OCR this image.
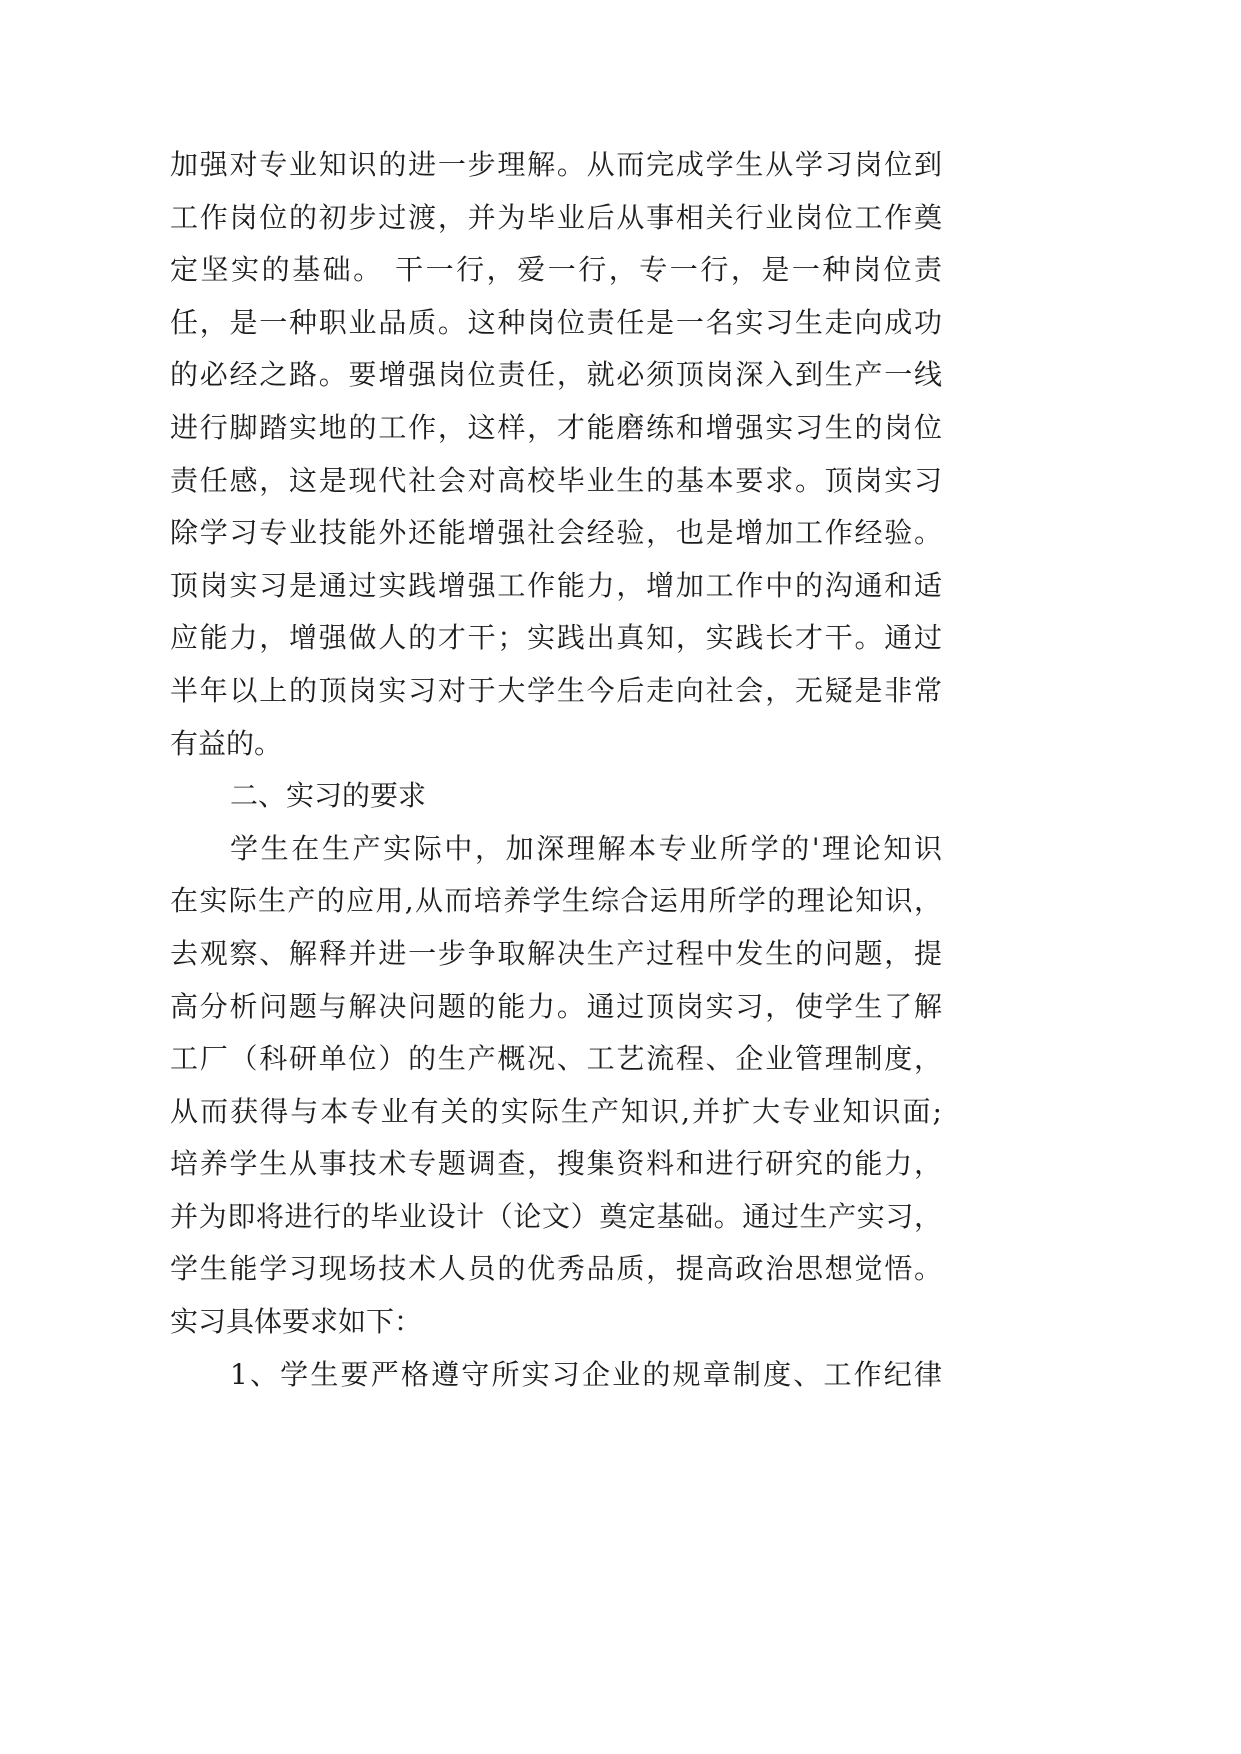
加强对专业知识的进一步理解。从而完成学生从学习岗位到
工作岗位的初步过渡，并为毕业后从事相关行业岗位工作奠
定坚实的基础。 干一行，爱一行，专一行，是一种岗位责
任，是一种职业品质。这种岗位责任是一名实习生走向成功
的必经之路。要增强岗位责任，就必须顶岗深入到生产一线
进行脚踏实地的工作，这样，才能磨练和增强实习生的岗位
责任感，这是现代社会对高校毕业生的基本要求。顶岗实习
除学习专业技能外还能增强社会经验，也是增加工作经验。
顶岗实习是通过实践增强工作能力，增加工作中的沟通和适
应能力，增强做人的才干；实践出真知，实践长才干。通过
半年以上的顶岗实习对于大学生今后走向社会，无疑是非常
有益的。
二、实习的要求
学生在生产实际中，加深理解本专业所学的'理论知识
在实际生产的应用,从而培养学生综合运用所学的理论知识，
去观察、解释并进一步争取解决生产过程中发生的问题，提
高分析问题与解决问题的能力。通过顶岗实习，使学生了解
工厂（科研单位）的生产概况、工艺流程、企业管理制度，
从而获得与本专业有关的实际生产知识,并扩大专业知识面;
培养学生从事技术专题调查，搜集资料和进行研究的能力，
并为即将进行的毕业设计（论文）奠定基础。通过生产实习，
学生能学习现场技术人员的优秀品质，提高政治思想觉悟。
实习具体要求如下：
1、学生要严格遵守所实习企业的规章制度、工作纪律
